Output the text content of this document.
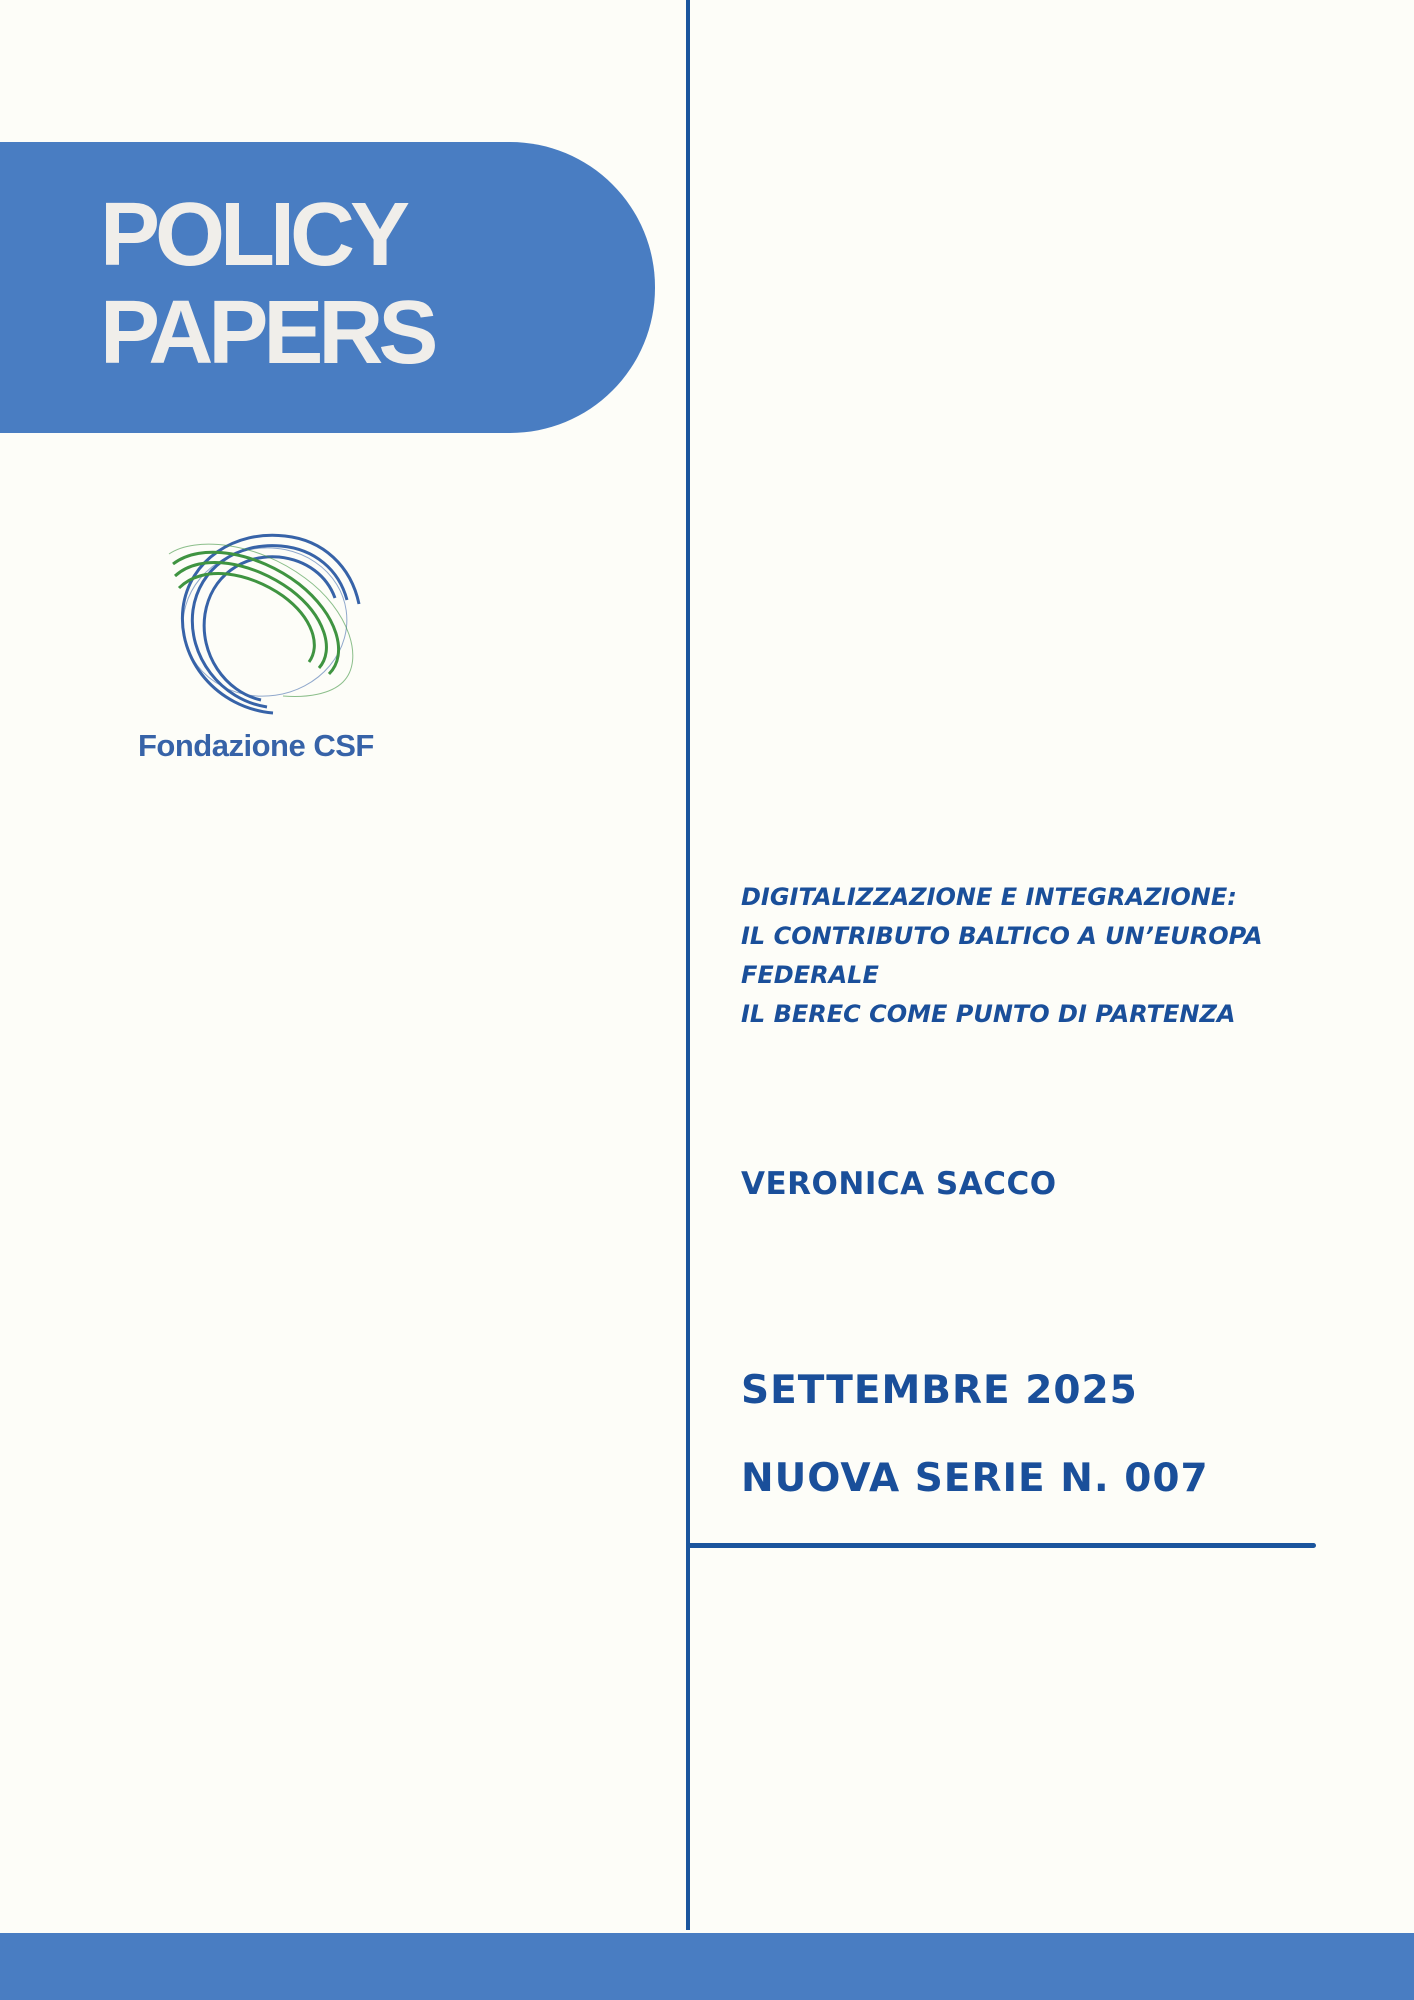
POLICY
PAPERS
Fondazione CSF
DIGITALIZZAZIONE E INTEGRAZIONE:
IL CONTRIBUTO BALTICO A UN’EUROPA
FEDERALE
IL BEREC COME PUNTO DI PARTENZA
VERONICA SACCO
SETTEMBRE 2025
NUOVA SERIE N. 007
